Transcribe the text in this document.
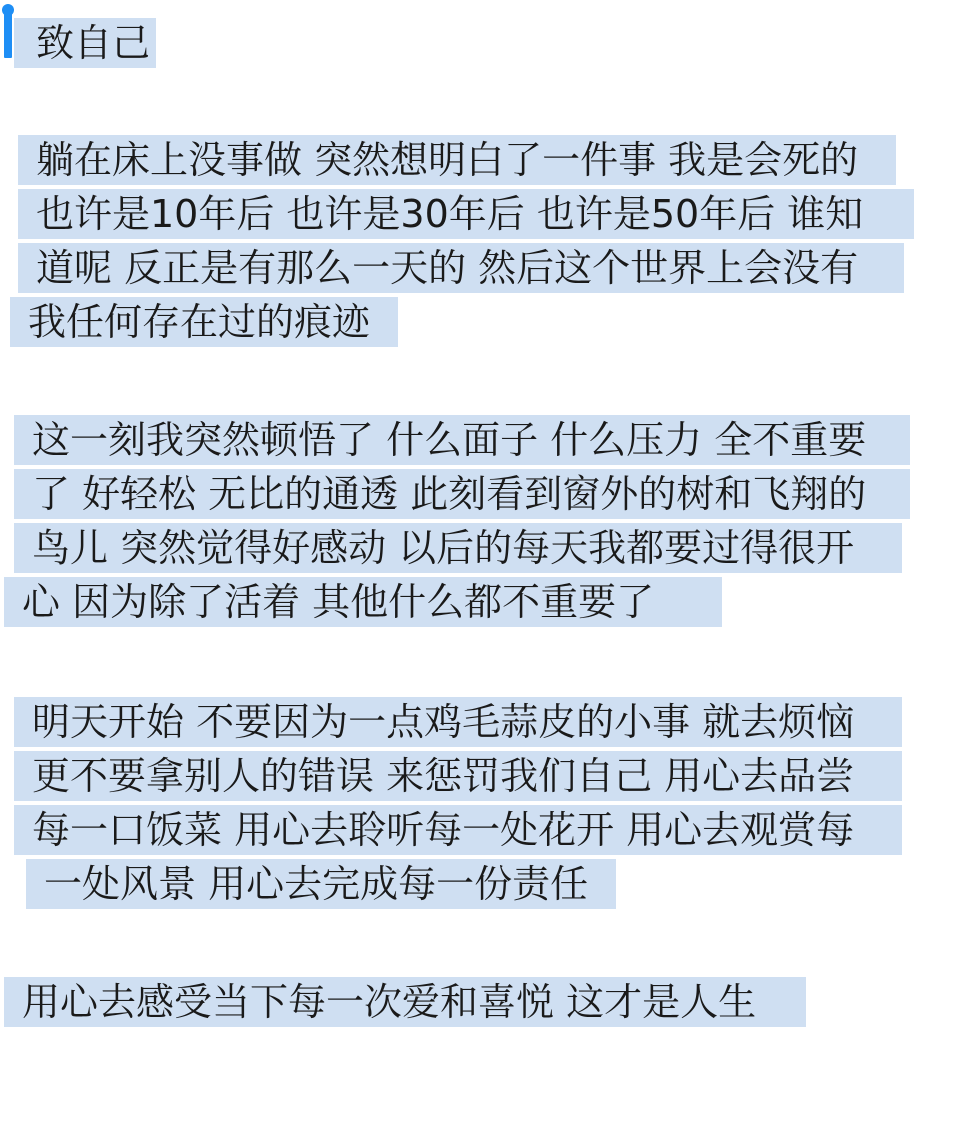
致自己
躺在床上没事做 突然想明白了一件事 我是会死的
也许是10年后 也许是30年后 也许是50年后 谁知
道呢 反正是有那么一天的 然后这个世界上会没有
我任何存在过的痕迹
这一刻我突然顿悟了 什么面子 什么压力 全不重要
了 好轻松 无比的通透 此刻看到窗外的树和飞翔的
鸟儿 突然觉得好感动 以后的每天我都要过得很开
心 因为除了活着 其他什么都不重要了
明天开始 不要因为一点鸡毛蒜皮的小事 就去烦恼
更不要拿别人的错误 来惩罚我们自己 用心去品尝
每一口饭菜 用心去聆听每一处花开 用心去观赏每
一处风景 用心去完成每一份责任
用心去感受当下每一次爱和喜悦 这才是人生
